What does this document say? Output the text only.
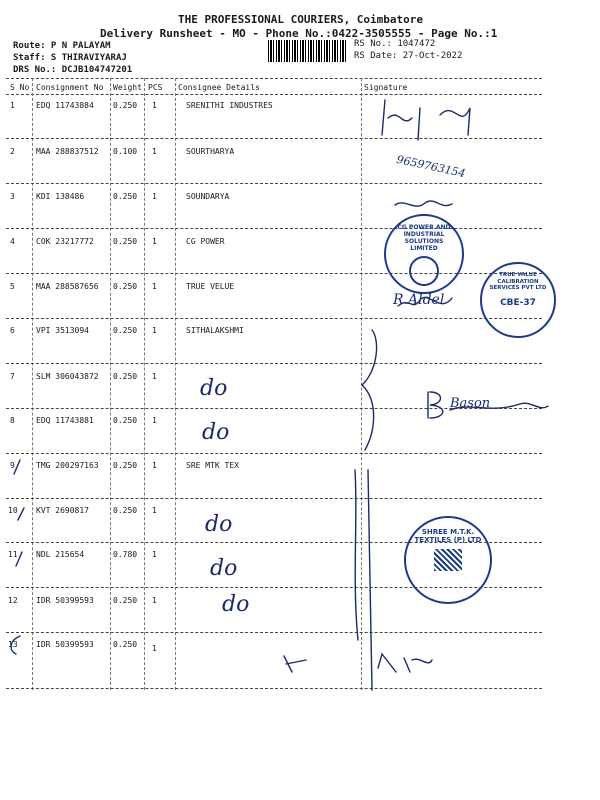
THE PROFESSIONAL COURIERS, Coimbatore
Delivery Runsheet - MO - Phone No.:0422-3505555 - Page No.:1
Route: P N PALAYAM
Staff: S THIRAVIYARAJ
DRS No.: DCJB104747201
RS No.: 1047472
RS Date: 27-Oct-2022
S No Consignment No Weight PCS Consignee Details	Signature
1	EDQ 11743884 0.250 1	SRENITHI INDUSTRES
2	MAA 288837512 0.100 1	SOURTHARYA
3	KDI 138486	0.250 1	SOUNDARYA
4	COK 23217772 0.250 1	CG POWER
5	MAA 288587656 0.250 1	TRUE VELUE
6	VPI 3513094	0.250 1	SITHALAKSHMI
7	SLM 306043872 0.250 1
8	EDQ 11743881 0.250 1
9	TMG 200297163 0.250 1	SRE MTK TEX
10 KVT 2690817	0.250 1
11 NDL 215654	0.780 1
12 IDR 50399593 0.250 1
13 IDR 50399593 0.250 1
do
do
do
do
do
9659763154
R.Aldel
Bason
CG POWER AND INDUSTRIAL SOLUTIONS LIMITED
TRUE VALUE CALIBRATION SERVICES PVT LTD
CBE-37
SHREE M.T.K. TEXTILES (P) LTD
